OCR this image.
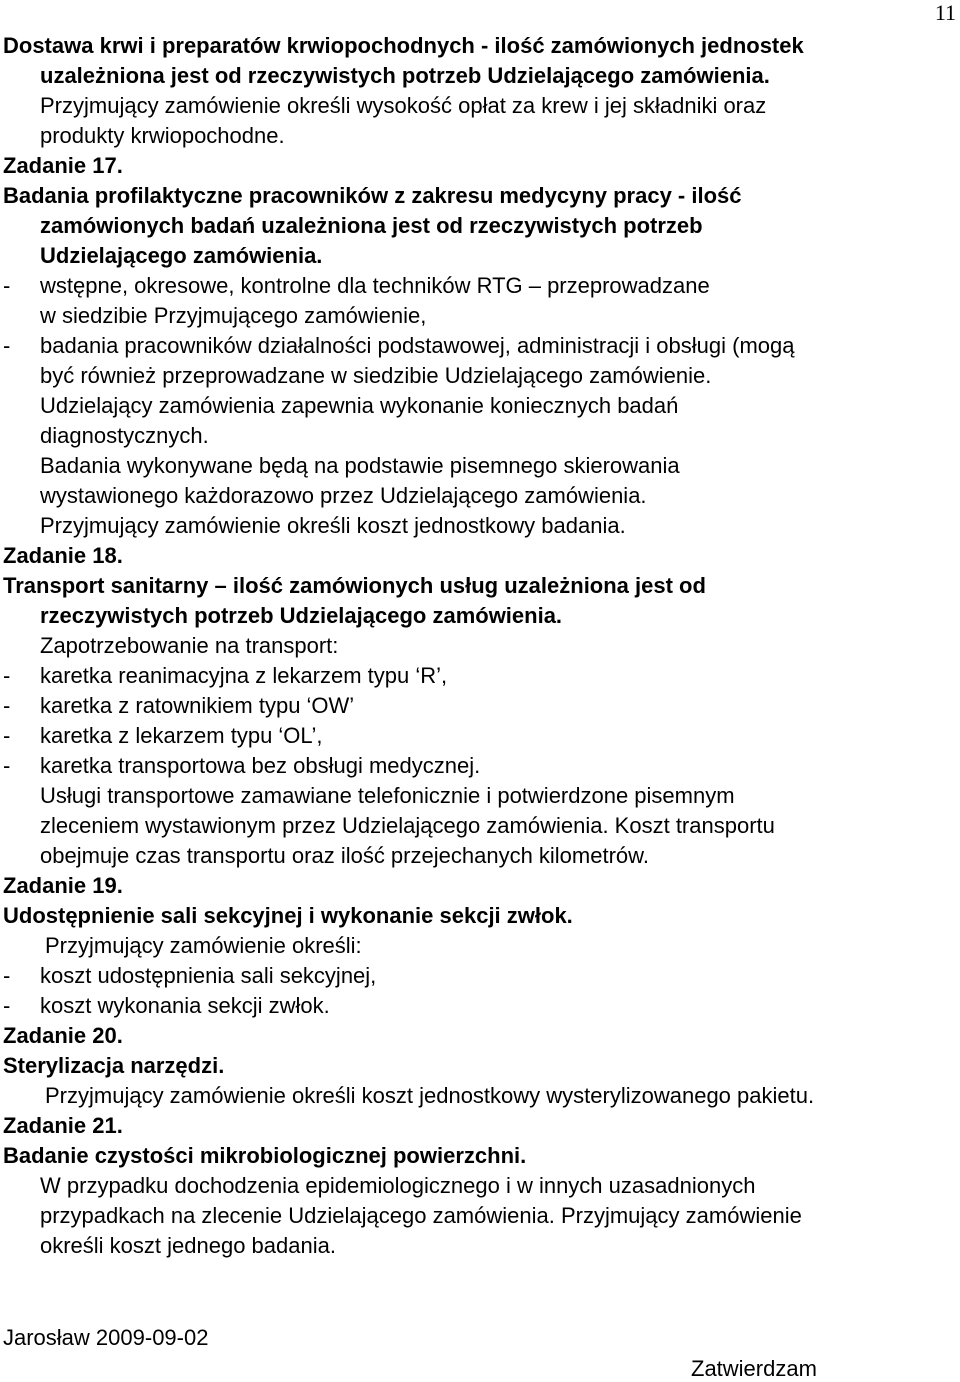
11
Dostawa krwi i preparatów krwiopochodnych - ilość zamówionych jednostek
uzależniona jest od rzeczywistych potrzeb Udzielającego zamówienia.
Przyjmujący zamówienie określi wysokość opłat za krew i jej składniki oraz
produkty krwiopochodne.
Zadanie 17.
Badania profilaktyczne pracowników z zakresu medycyny pracy - ilość
zamówionych badań uzależniona jest od rzeczywistych potrzeb
Udzielającego zamówienia.
- wstępne, okresowe, kontrolne dla techników RTG – przeprowadzane
w siedzibie Przyjmującego zamówienie,
- badania pracowników działalności podstawowej, administracji i obsługi (mogą
być również przeprowadzane w siedzibie Udzielającego zamówienie.
Udzielający zamówienia zapewnia wykonanie koniecznych badań
diagnostycznych.
Badania wykonywane będą na podstawie pisemnego skierowania
wystawionego każdorazowo przez Udzielającego zamówienia.
Przyjmujący zamówienie określi koszt jednostkowy badania.
Zadanie 18.
Transport sanitarny – ilość zamówionych usług uzależniona jest od
rzeczywistych potrzeb Udzielającego zamówienia.
Zapotrzebowanie na transport:
- karetka reanimacyjna z lekarzem typu ‘R’,
- karetka z ratownikiem typu ‘OW’
- karetka z lekarzem typu ‘OL’,
- karetka transportowa bez obsługi medycznej.
Usługi transportowe zamawiane telefonicznie i potwierdzone pisemnym
zleceniem wystawionym przez Udzielającego zamówienia. Koszt transportu
obejmuje czas transportu oraz ilość przejechanych kilometrów.
Zadanie 19.
Udostępnienie sali sekcyjnej i wykonanie sekcji zwłok.
Przyjmujący zamówienie określi:
- koszt udostępnienia sali sekcyjnej,
- koszt wykonania sekcji zwłok.
Zadanie 20.
Sterylizacja narzędzi.
Przyjmujący zamówienie określi koszt jednostkowy wysterylizowanego pakietu.
Zadanie 21.
Badanie czystości mikrobiologicznej powierzchni.
W przypadku dochodzenia epidemiologicznego i w innych uzasadnionych
przypadkach na zlecenie Udzielającego zamówienia. Przyjmujący zamówienie
określi koszt jednego badania.
Jarosław 2009-09-02
Zatwierdzam
